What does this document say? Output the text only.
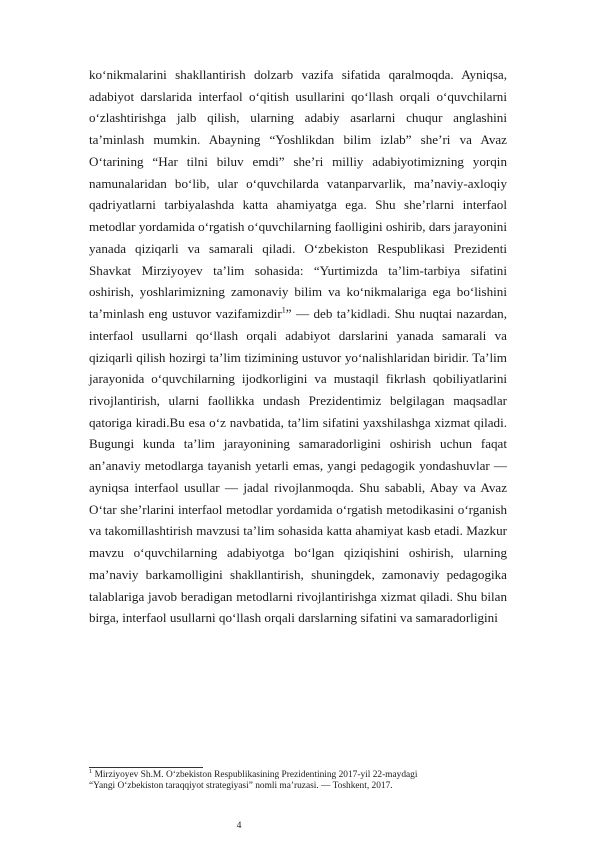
ko‘nikmalarini shakllantirish dolzarb vazifa sifatida qaralmoqda. Ayniqsa, adabiyot darslarida interfaol o‘qitish usullarini qo‘llash orqali o‘quvchilarni o‘zlashtirishga jalb qilish, ularning adabiy asarlarni chuqur anglashini ta’minlash mumkin. Abayning “Yoshlikdan bilim izlab” she’ri va Avaz O‘tarining “Har tilni biluv emdi” she’ri milliy adabiyotimizning yorqin namunalaridan bo‘lib, ular o‘quvchilarda vatanparvarlik, ma’naviy-axloqiy qadriyatlarni tarbiyalashda katta ahamiyatga ega. Shu she’rlarni interfaol metodlar yordamida o‘rgatish o‘quvchilarning faolligini oshirib, dars jarayonini yanada qiziqarli va samarali qiladi. O‘zbekiston Respublikasi Prezidenti Shavkat Mirziyoyev ta’lim sohasida: “Yurtimizda ta’lim-tarbiya sifatini oshirish, yoshlarimizning zamonaviy bilim va ko‘nikmalariga ega bo‘lishini ta’minlash eng ustuvor vazifamizdir$^1$” — deb ta’kidladi. Shu nuqtai nazardan, interfaol usullarni qo‘llash orqali adabiyot darslarini yanada samarali va qiziqarli qilish hozirgi ta’lim tizimining ustuvor yo‘nalishlaridan biridir. Ta’lim jarayonida o‘quvchilarning ijodkorligini va mustaqil fikrlash qobiliyatlarini rivojlantirish, ularni faollikka undash Prezidentimiz belgilagan maqsadlar qatoriga kiradi.Bu esa o‘z navbatida, ta’lim sifatini yaxshilashga xizmat qiladi. Bugungi kunda ta’lim jarayonining samaradorligini oshirish uchun faqat an’anaviy metodlarga tayanish yetarli emas, yangi pedagogik yondashuvlar — ayniqsa interfaol usullar — jadal rivojlanmoqda. Shu sababli, Abay va Avaz O‘tar she’rlarini interfaol metodlar yordamida o‘rgatish metodikasini o‘rganish va takomillashtirish mavzusi ta’lim sohasida katta ahamiyat kasb etadi. Mazkur mavzu o‘quvchilarning adabiyotga bo‘lgan qiziqishini oshirish, ularning ma’naviy barkamolligini shakllantirish, shuningdek, zamonaviy pedagogika talablariga javob beradigan metodlarni rivojlantirishga xizmat qiladi. Shu bilan birga, interfaol usullarni qo‘llash orqali darslarning sifatini va samaradorligini

$^1$ Mirziyoyev Sh.M. O‘zbekiston Respublikasining Prezidentining 2017-yil 22-maydagi
“Yangi O‘zbekiston taraqqiyot strategiyasi” nomli ma’ruzasi. — Toshkent, 2017.
4
